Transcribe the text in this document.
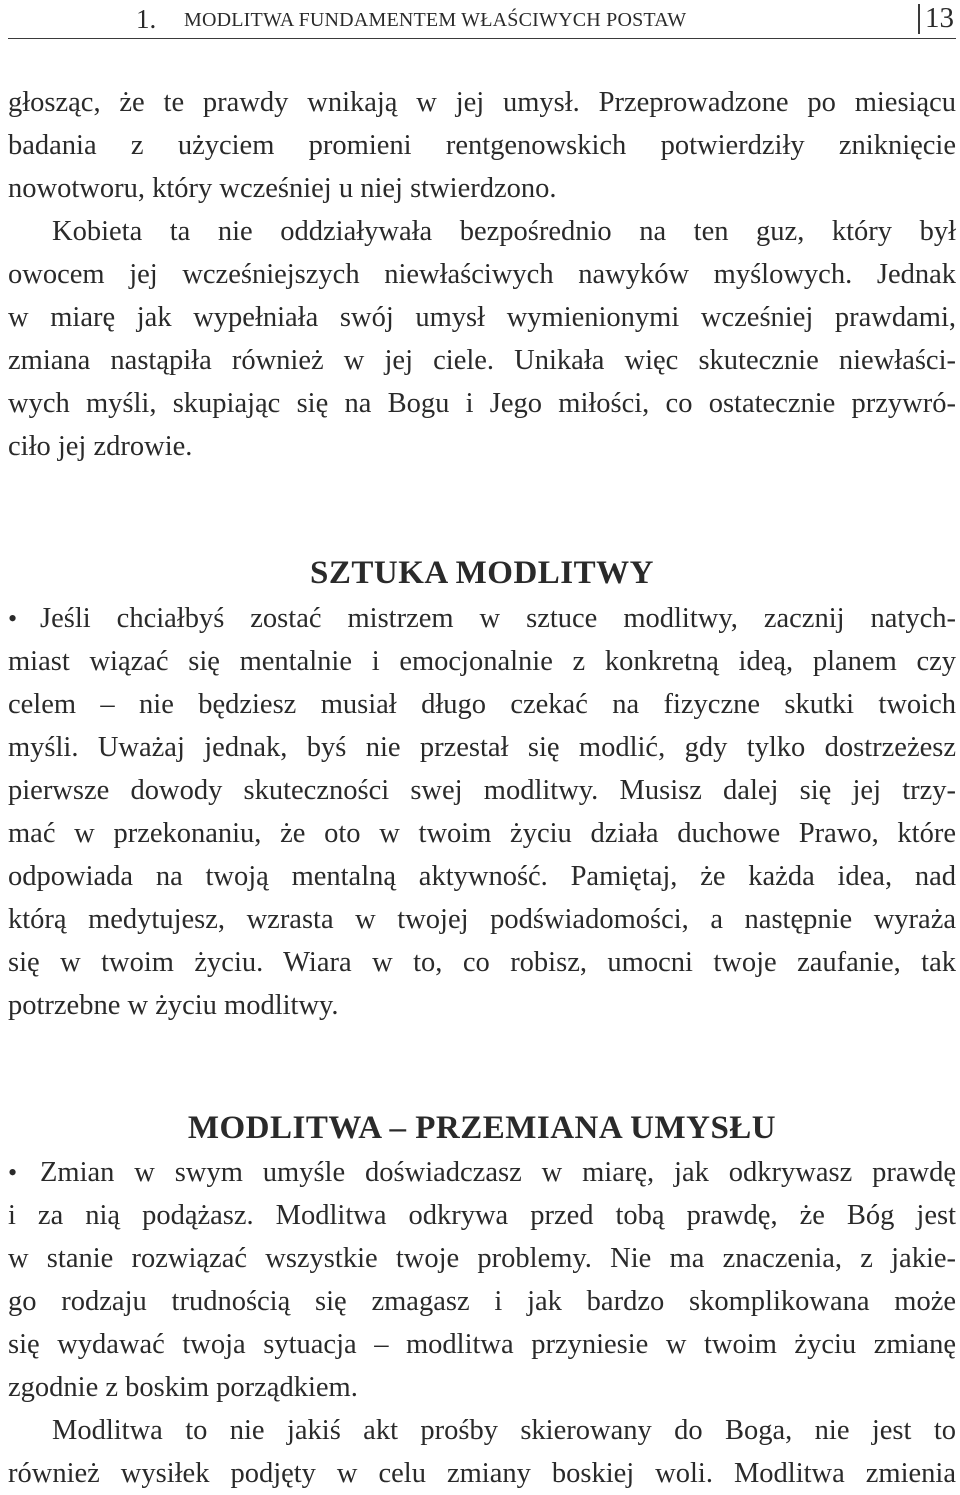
1. MODLITWA FUNDAMENTEM WŁAŚCIWYCH POSTAW	13
głosząc, że te prawdy wnikają w jej umysł. Przeprowadzone po miesiącu
badania z użyciem promieni rentgenowskich potwierdziły zniknięcie
nowotworu, który wcześniej u niej stwierdzono.
Kobieta ta nie oddziaływała bezpośrednio na ten guz, który był
owocem jej wcześniejszych niewłaściwych nawyków myślowych. Jednak
w miarę jak wypełniała swój umysł wymienionymi wcześniej prawdami,
zmiana nastąpiła również w jej ciele. Unikała więc skutecznie niewłaści-
wych myśli, skupiając się na Bogu i Jego miłości, co ostatecznie przywró-
ciło jej zdrowie.
SZTUKA MODLITWY
• Jeśli chciałbyś zostać mistrzem w sztuce modlitwy, zacznij natych-
miast wiązać się mentalnie i emocjonalnie z konkretną ideą, planem czy
celem – nie będziesz musiał długo czekać na fizyczne skutki twoich
myśli. Uważaj jednak, byś nie przestał się modlić, gdy tylko dostrzeżesz
pierwsze dowody skuteczności swej modlitwy. Musisz dalej się jej trzy-
mać w przekonaniu, że oto w twoim życiu działa duchowe Prawo, które
odpowiada na twoją mentalną aktywność. Pamiętaj, że każda idea, nad
którą medytujesz, wzrasta w twojej podświadomości, a następnie wyraża
się w twoim życiu. Wiara w to, co robisz, umocni twoje zaufanie, tak
potrzebne w życiu modlitwy.
MODLITWA – PRZEMIANA UMYSŁU
• Zmian w swym umyśle doświadczasz w miarę, jak odkrywasz prawdę
i za nią podążasz. Modlitwa odkrywa przed tobą prawdę, że Bóg jest
w stanie rozwiązać wszystkie twoje problemy. Nie ma znaczenia, z jakie-
go rodzaju trudnością się zmagasz i jak bardzo skomplikowana może
się wydawać twoja sytuacja – modlitwa przyniesie w twoim życiu zmianę
zgodnie z boskim porządkiem.
Modlitwa to nie jakiś akt prośby skierowany do Boga, nie jest to
również wysiłek podjęty w celu zmiany boskiej woli. Modlitwa zmienia
